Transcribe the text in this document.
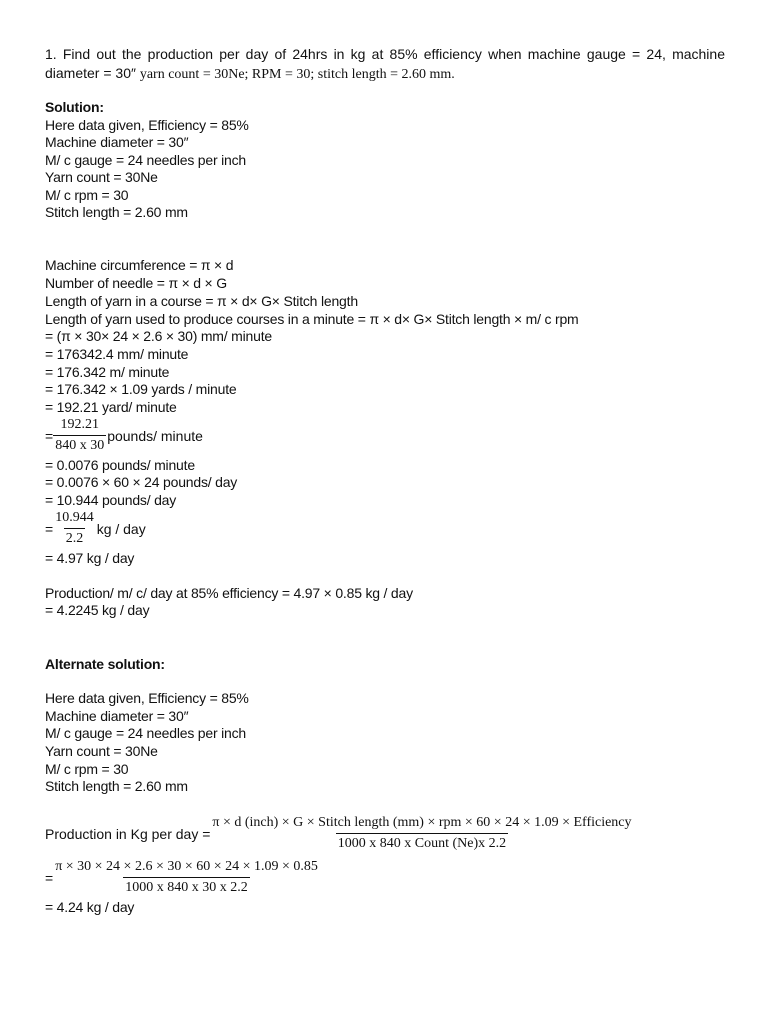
1. Find out the production per day of 24hrs in kg at 85% efficiency when machine gauge = 24, machine
diameter = 30″ yarn count = 30Ne; RPM = 30; stitch length = 2.60 mm.
Solution:
Here data given, Efficiency = 85%
Machine diameter = 30″
M/ c gauge = 24 needles per inch
Yarn count = 30Ne
M/ c rpm = 30
Stitch length = 2.60 mm
Machine circumference = π × d
Number of needle = π × d × G
Length of yarn in a course = π × d× G× Stitch length
Length of yarn used to produce courses in a minute = π × d× G× Stitch length × m/ c rpm
= (π × 30× 24 × 2.6 × 30) mm/ minute
= 176342.4 mm/ minute
= 176.342 m/ minute
= 176.342 × 1.09 yards / minute
= 192.21 yard/ minute
= $\frac{192.21}{840 x 30}$ pounds/ minute
= 0.0076 pounds/ minute
= 0.0076 × 60 × 24 pounds/ day
= 10.944 pounds/ day
= $\frac{10.944}{2.2}$ kg / day
= 4.97 kg / day
Production/ m/ c/ day at 85% efficiency = 4.97 × 0.85 kg / day
= 4.2245 kg / day
Alternate solution:
Here data given, Efficiency = 85%
Machine diameter = 30″
M/ c gauge = 24 needles per inch
Yarn count = 30Ne
M/ c rpm = 30
Stitch length = 2.60 mm
Production in Kg per day =
π × d (inch) × G × Stitch length (mm) × rpm × 60 × 24 × 1.09 × Efficiency
1000 x 840 x Count (Ne)x 2.2
= $\frac{\pi \times 30 \times 24 \times 2.6 \times 30 \times 60 \times 24 \times 1.09 \times 0.85}{1000 x 840 x 30 x 2.2}$
= 4.24 kg / day
